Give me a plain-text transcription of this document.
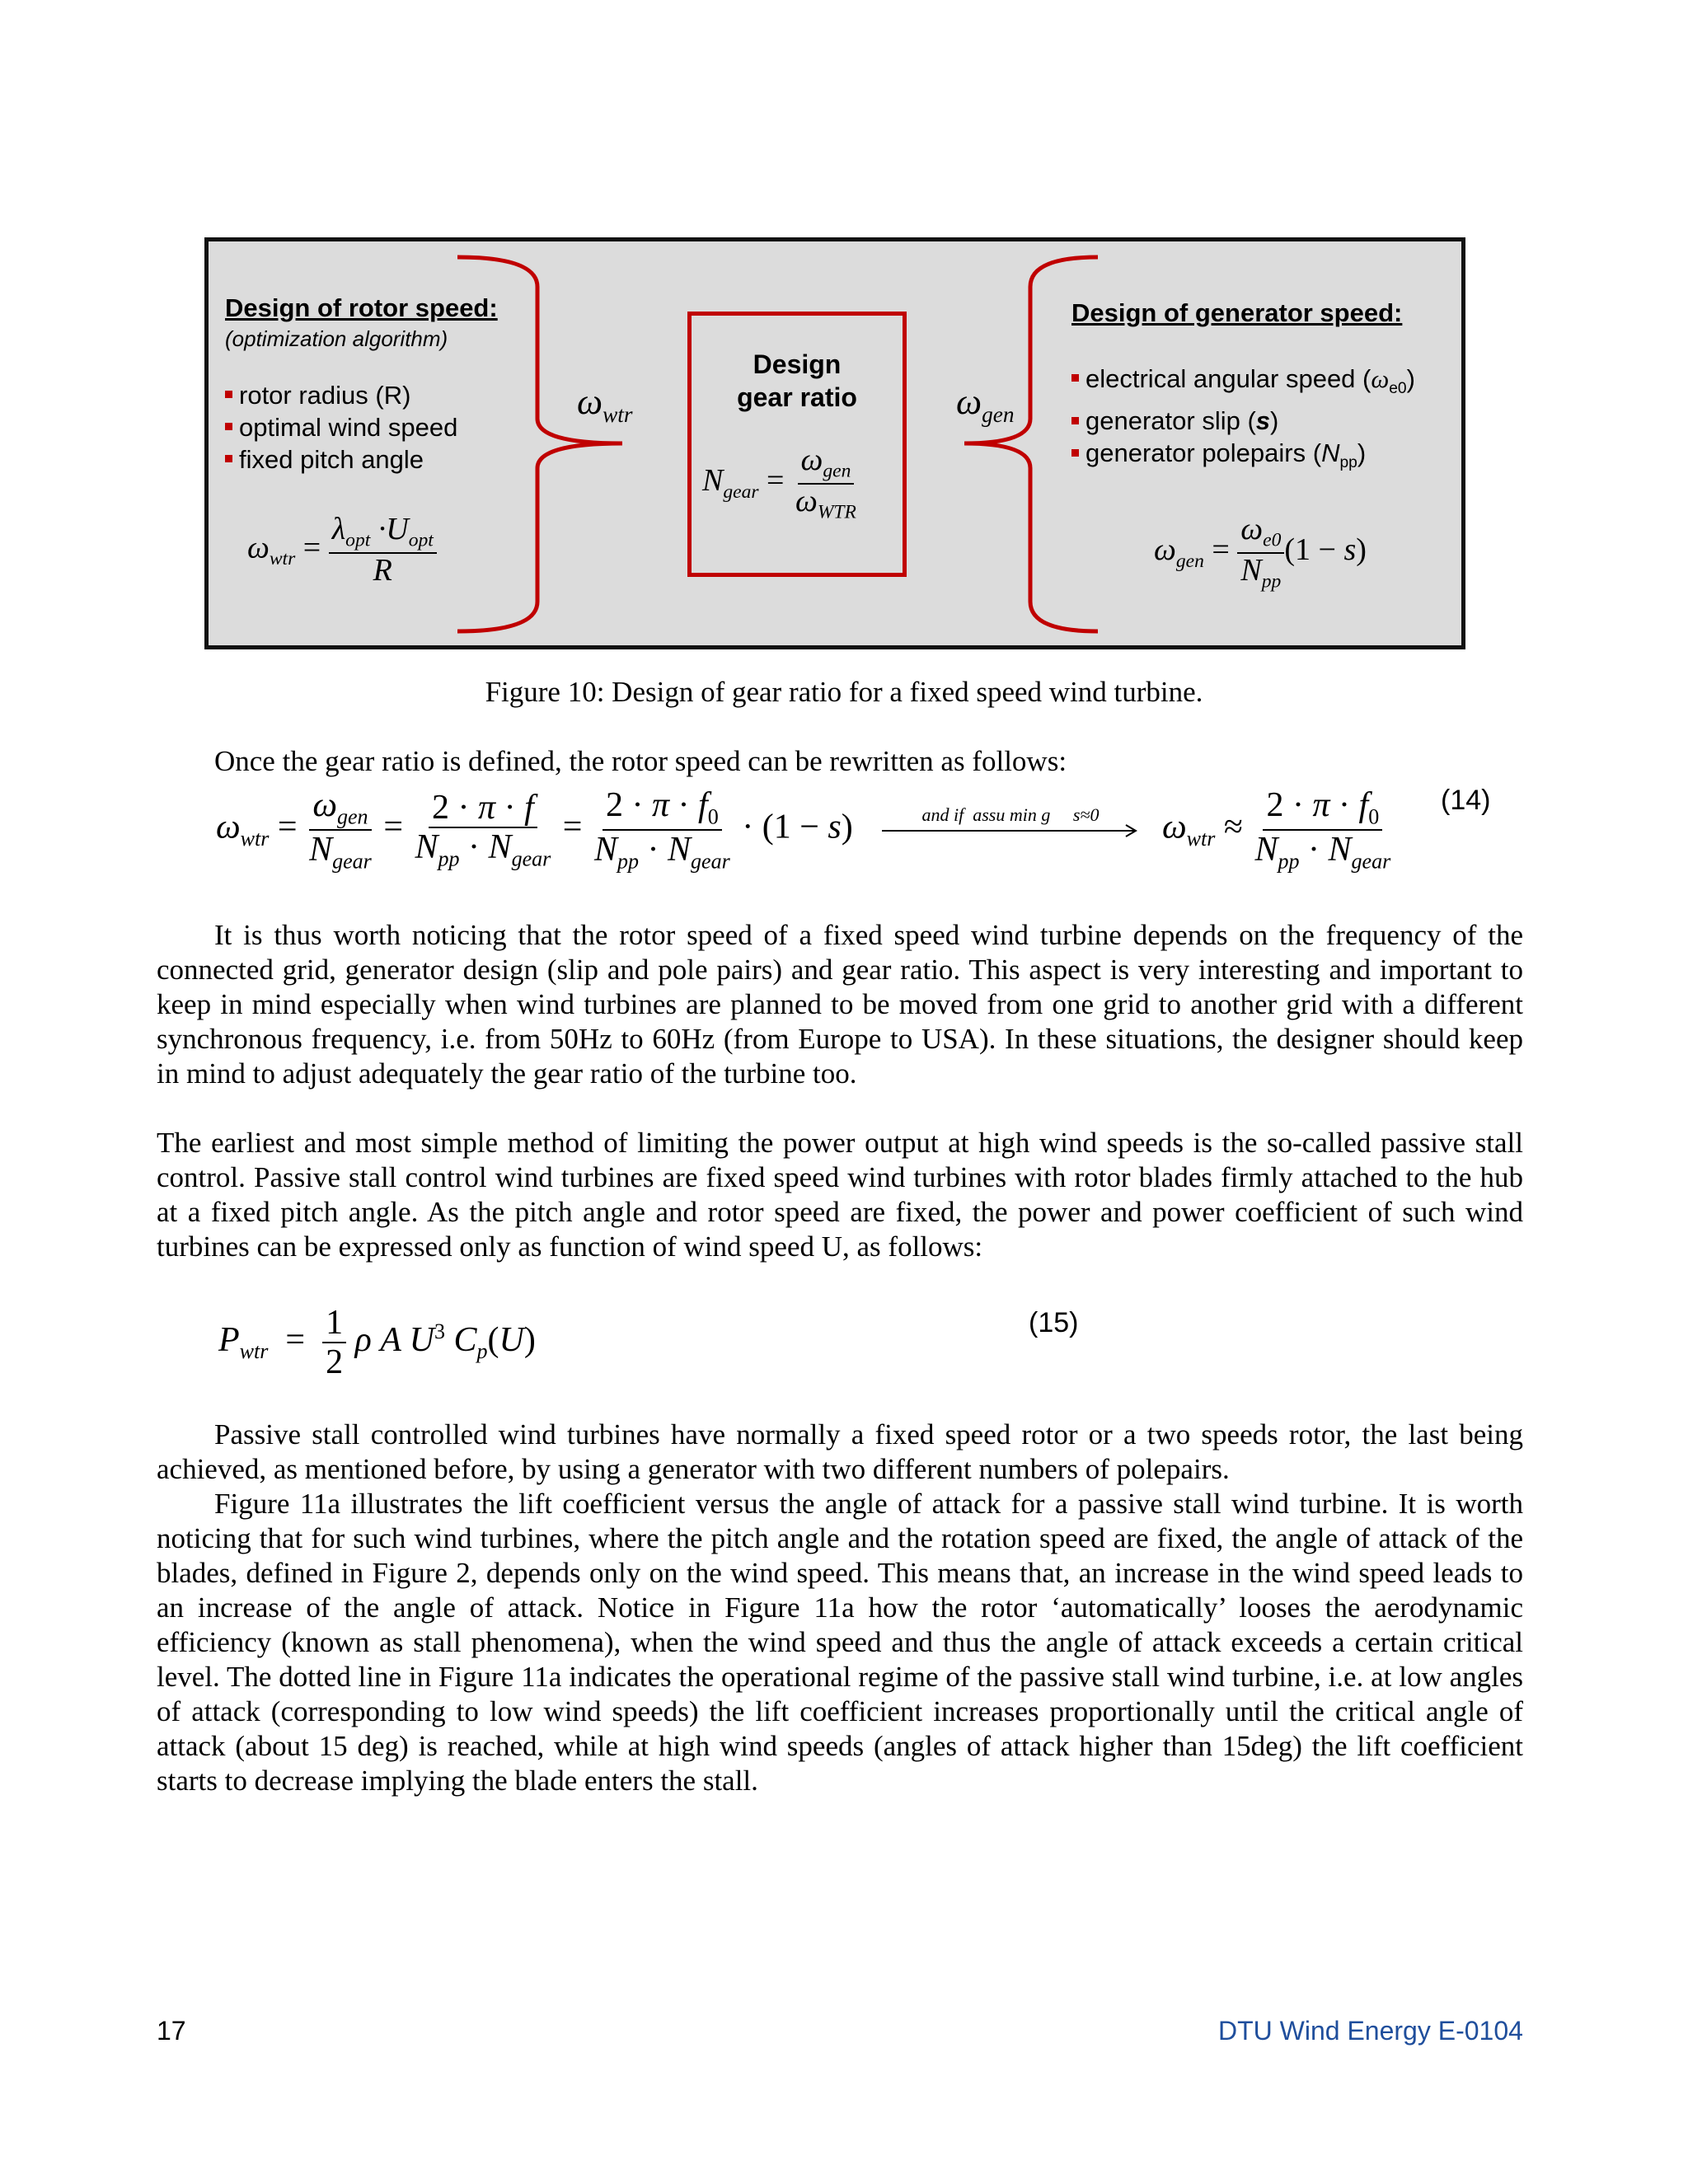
Design of rotor speed:
(optimization algorithm)
rotor radius (R)
optimal wind speed
fixed pitch angle
$\omega_{wtr} = \frac{\lambda_{opt} \cdot U_{opt}}{R}$
$\omega_{wtr}$
Design
gear ratio
$N_{gear} = \frac{\omega_{gen}}{\omega_{WTR}}$
$\omega_{gen}$
Design of generator speed:
electrical angular speed $(\omega_{e0})$
generator slip (s)
generator polepairs $(N_{pp})$
$\omega_{gen} = \frac{\omega_{e0}}{N_{pp}} (1 - s)$
Figure 10: Design of gear ratio for a fixed speed wind turbine.
Once the gear ratio is defined, the rotor speed can be rewritten as follows:
$\omega_{wtr} = \frac{\omega_{gen}}{N_{gear}} = \frac{2 \cdot \pi \cdot f}{N_{pp} \cdot N_{gear}} = \frac{2 \cdot \pi \cdot f_0}{N_{pp} \cdot N_{gear}} \cdot (1 - s)$	and if  assu min g     s≈0	$\omega_{wtr} \approx \frac{2 \cdot \pi \cdot f_0}{N_{pp} \cdot N_{gear}} (14)$
It is thus worth noticing that the rotor speed of a fixed speed wind turbine depends on the frequency of the connected grid, generator design (slip and pole pairs) and gear ratio. This aspect is very interesting and important to keep in mind especially when wind turbines are planned to be moved from one grid to another grid with a different synchronous frequency, i.e. from 50Hz to 60Hz (from Europe to USA). In these situations, the designer should keep in mind to adjust adequately the gear ratio of the turbine too.
The earliest and most simple method of limiting the power output at high wind speeds is the so-called passive stall control. Passive stall control wind turbines are fixed speed wind turbines with rotor blades firmly attached to the hub at a fixed pitch angle. As the pitch angle and rotor speed are fixed, the power and power coefficient of such wind turbines can be expressed only as function of wind speed U, as follows:
$P_{wtr} = \frac{1}{2}$ ρ A $U^3$ $C_p(U)$	(15)
Passive stall controlled wind turbines have normally a fixed speed rotor or a two speeds rotor, the last being achieved, as mentioned before, by using a generator with two different numbers of polepairs.
Figure 11a illustrates the lift coefficient versus the angle of attack for a passive stall wind turbine. It is worth noticing that for such wind turbines, where the pitch angle and the rotation speed are fixed, the angle of attack of the blades, defined in Figure 2, depends only on the wind speed. This means that, an increase in the wind speed leads to an increase of the angle of attack. Notice in Figure 11a how the rotor ‘automatically’ looses the aerodynamic efficiency (known as stall phenomena), when the wind speed and thus the angle of attack exceeds a certain critical level. The dotted line in Figure 11a indicates the operational regime of the passive stall wind turbine, i.e. at low angles of attack (corresponding to low wind speeds) the lift coefficient increases proportionally until the critical angle of attack (about 15 deg) is reached, while at high wind speeds (angles of attack higher than 15deg) the lift coefficient starts to decrease implying the blade enters the stall.
17	DTU Wind Energy E-0104
